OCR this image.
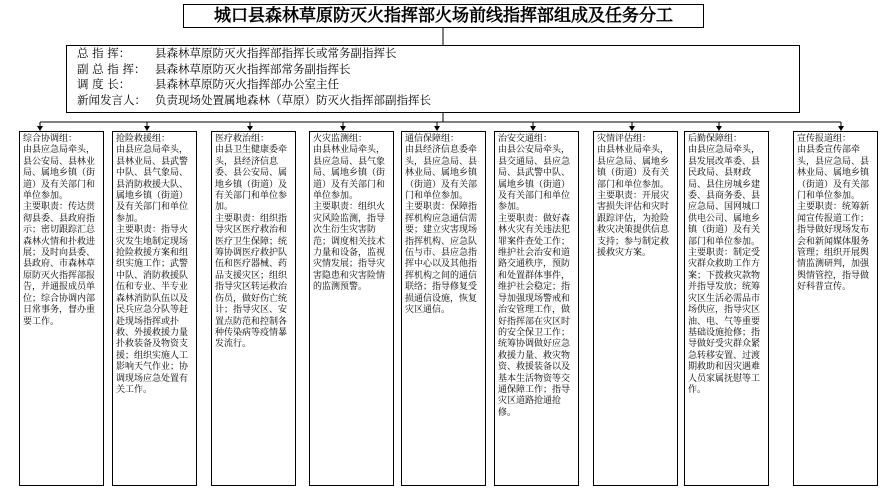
城口县森林草原防灭火指挥部火场前线指挥部组成及任务分工

总 指 挥： 县森林草原防灭火指挥部指挥长或常务副指挥长

副 总 指 挥： 县森林草原防灭火指挥部常务副指挥长

调 度 长： 县森林草原防灭火指挥部办公室主任

新闻发言人： 负责现场处置属地森林（草原）防灭火指挥部副指挥长

综合协调组：

由县应急局牵头，县公安局、县林业局、属地乡镇（街道）及有关部门和单位参加。
主要职责：传达贯彻县委、县政府指示；密切跟踪汇总森林火情和扑救进展；及时向县委、县政府、市森林草原防灭火指挥部报告，并通报成员单位；综合协调内部日常事务，督办重要工作。

抢险救援组：

由县应急局牵头，县林业局、县武警中队、县气象局、县消防救援大队、属地乡镇（街道）及有关部门和单位参加。
主要职责：指导火灾发生地制定现场抢险救援方案和组织实施工作；武警中队、消防救援队伍和专业、半专业森林消防队伍以及民兵应急分队等赶赴现场指挥或扑救、外援救援力量扑救装备及物资支援；组织实施人工影响天气作业；协调现场应急处置有关工作。

医疗救治组：

由县卫生健康委牵头，县经济信息委、县公安局、属地乡镇（街道）及有关部门和单位参加。
主要职责：组织指导灾区医疗救治和医疗卫生保障；统筹协调医疗救护队伍和医疗器械、药品支援灾区；组织指导灾区转运救治伤员，做好伤亡统计；指导灾区、安置点防范和控制各种传染病等疫情暴发流行。

火灾监测组：

由县林业局牵头，县应急局、县气象局、属地乡镇（街道）及有关部门和单位参加。
主要职责：组织火灾风险监测，指导次生衍生灾害防范；调度相关技术力量和设备，监视灾情发展；指导灾害隐患和灾害险情的监测预警。

通信保障组：

由县经济信息委牵头，县应急局、县林业局、属地乡镇（街道）及有关部门和单位参加。
主要职责：保障指挥机构应急通信需要；建立灾害现场指挥机构、应急队伍与市、县应急指挥中心以及其他指挥机构之间的通信联络；指导修复受损通信设施，恢复灾区通信。

治安交通组：

由县公安局牵头，县交通局、县应急局、县武警中队、属地乡镇（街道）及有关部门和单位参加。
主要职责：做好森林火灾有关违法犯罪案件查处工作；维护社会治安和道路交通秩序，预防和处置群体事件，维护社会稳定；指导加强现场警戒和治安管理工作，做好指挥部在灾区时的安全保卫工作；统筹协调做好应急救援力量、救灾物资、救援装备以及基本生活物资等交通保障工作；指导灾区道路抢通抢修。

灾情评估组：

由县林业局牵头，县应急局、属地乡镇（街道）及有关部门和单位参加。
主要职责：开展灾害损失评估和灾时跟踪评估，为抢险救灾决策提供信息支持；参与制定救援救灾方案。

后勤保障组：

由县应急局牵头，县发展改革委、县民政局、县财政局、县住房城乡建委、县商务委、县应急局、国网城口供电公司、属地乡镇（街道）及有关部门和单位参加。
主要职责：制定受灾群众救助工作方案；下拨救灾款物并指导发放；统筹灾区生活必需品市场供应，指导灾区油、电、气等重要基础设施抢修；指导做好受灾群众紧急转移安置、过渡期救助和因灾遇难人员家属抚慰等工作。

宣传报道组：

由县委宣传部牵头，县应急局、县林业局、属地乡镇（街道）及有关部门和单位参加。
主要职责：统筹新闻宣传报道工作；指导做好现场发布会和新闻媒体服务管理；组织开展舆情监测研判，加强舆情管控，指导做好科普宣传。
